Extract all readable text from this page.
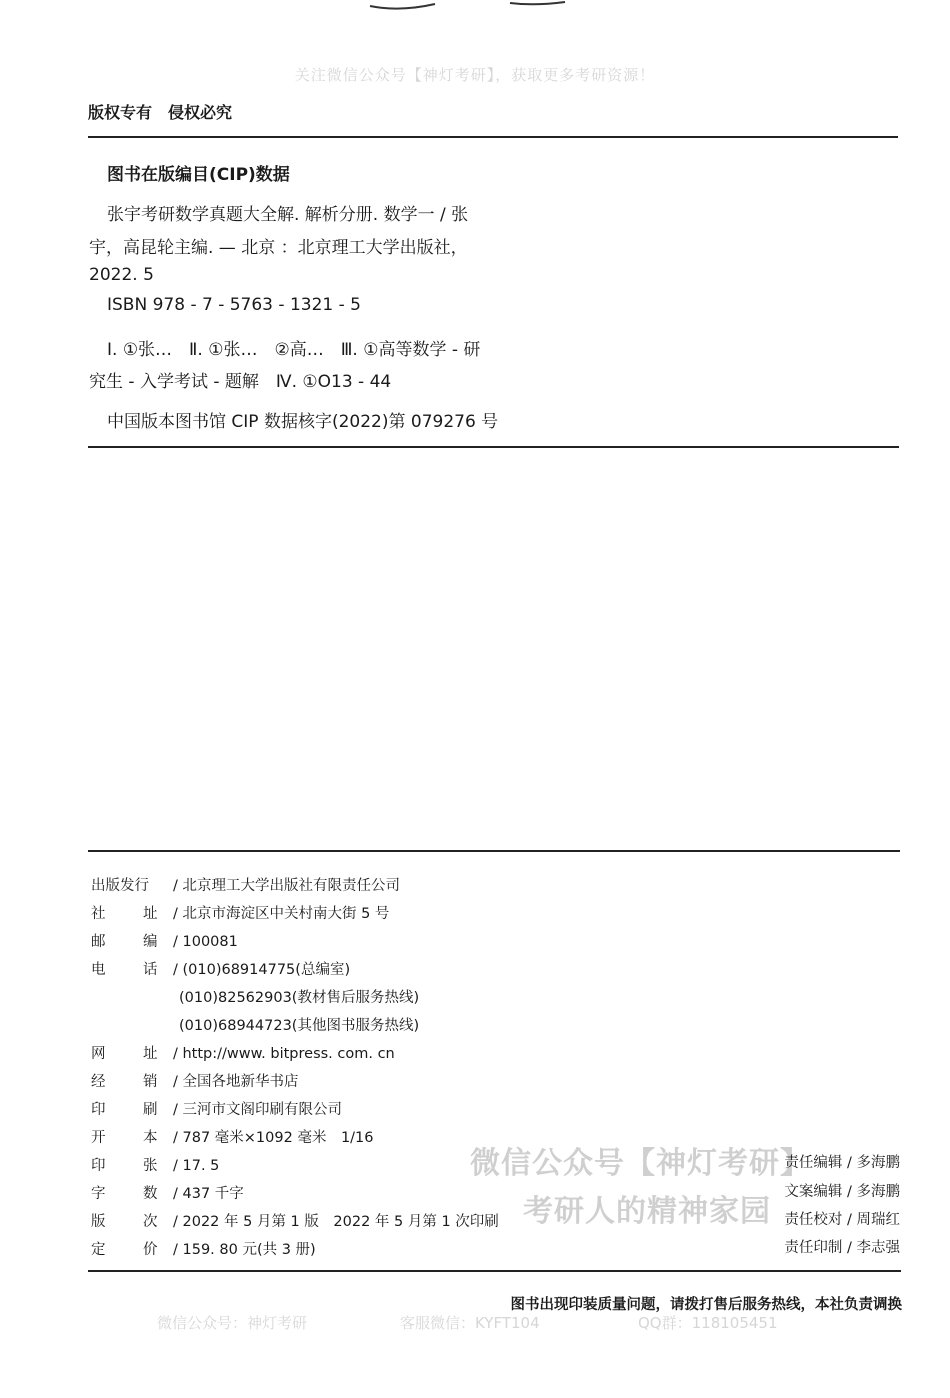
关注微信公众号【神灯考研】，获取更多考研资源！
版权专有　侵权必究
图书在版编目(CIP)数据
张宇考研数学真题大全解. 解析分册. 数学一 / 张
宇，高昆轮主编. — 北京 ：北京理工大学出版社，
2022. 5
ISBN 978 - 7 - 5763 - 1321 - 5
Ⅰ. ①张…　Ⅱ. ①张…　②高…　Ⅲ. ①高等数学 - 研
究生 - 入学考试 - 题解　Ⅳ. ①O13 - 44
中国版本图书馆 CIP 数据核字(2022)第 079276 号
出版发行 / 北京理工大学出版社有限责任公司
社	址 / 北京市海淀区中关村南大街 5 号
邮	编 / 100081
电	话 / (010)68914775(总编室)
(010)82562903(教材售后服务热线)
(010)68944723(其他图书服务热线)
网	址 / http://www. bitpress. com. cn
经	销 / 全国各地新华书店
印	刷 / 三河市文阁印刷有限公司
开	本 / 787 毫米×1092 毫米　1/16
印	张 / 17. 5
字	数 / 437 千字
版	次 / 2022 年 5 月第 1 版　2022 年 5 月第 1 次印刷
定	价 / 159. 80 元(共 3 册)
微信公众号【神灯考研】
考研人的精神家园
责任编辑 / 多海鹏
文案编辑 / 多海鹏
责任校对 / 周瑞红
责任印制 / 李志强
图书出现印装质量问题，请拨打售后服务热线，本社负责调换
微信公众号：神灯考研	客服微信：KYFT104	QQ群：118105451
